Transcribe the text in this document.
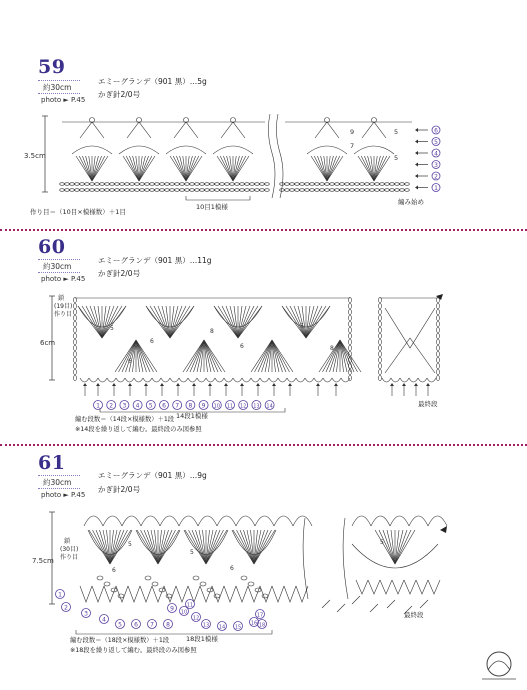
59
約30cm
photo ► P.45
エミーグランデ（901 黒）…5g
かぎ針2/0号
3.5cm
作り目＝（10目×模様数）＋1目
10目1模様
編み始め
9	5
7
5
6
5
4
3
2
1
60
約30cm
photo ► P.45
エミーグランデ（901 黒）…11g
かぎ針2/0号
6cm
鎖
(19目)
作り目
5
6
8
6
5
8
6
1 2 3 4 5 6 7 8 9 10 11 12 13 14
14段1模様
最終段
編む段数＝（14段×模様数）＋1段
※14段を繰り返して編む。最終段のみ図参照
61
約30cm
photo ► P.45
エミーグランデ（901 黒）…9g
かぎ針2/0号
7.5cm
鎖
(30目)
作り目
5
6
5
6
5
1
2
3
4
5 6 7 8
9 10
11
12
13 14 15
16
17
18
18段1模様
最終段
編む段数＝（18段×模様数）＋1段
※18段を繰り返して編む。最終段のみ図参照
